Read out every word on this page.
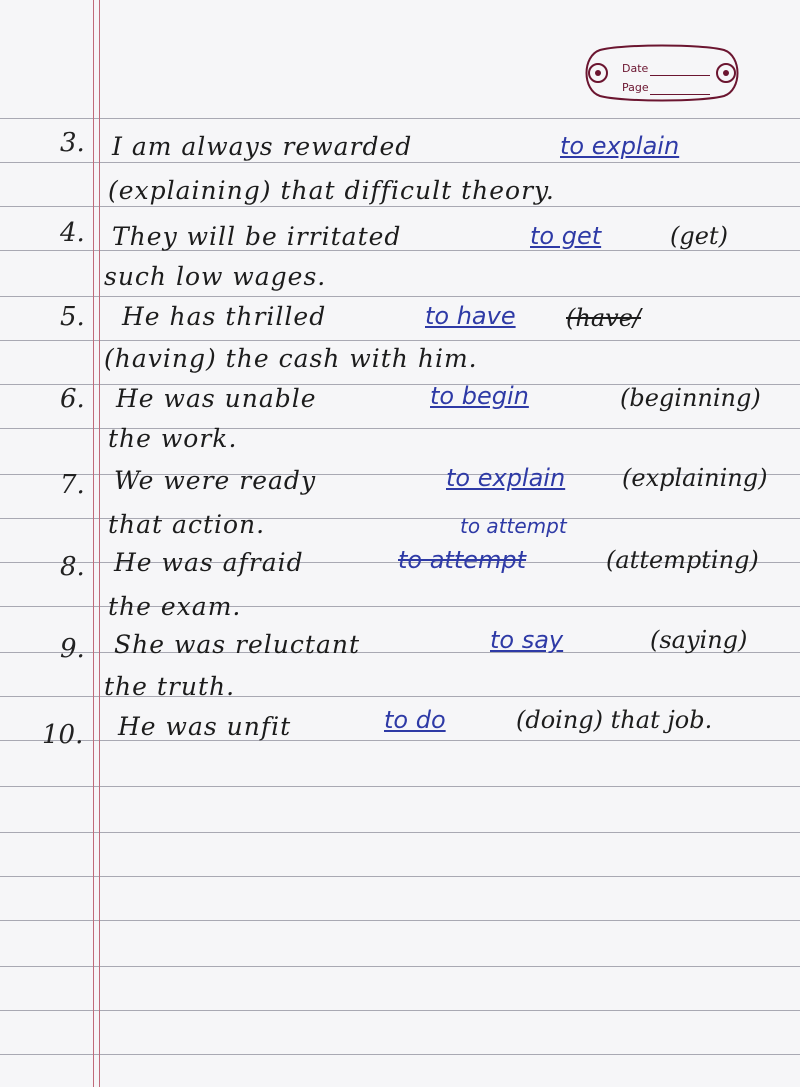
Date
Page
3. I am always rewarded	to explain
(explaining) that difficult theory.
4. They will be irritated	to get	(get)
such low wages.
5. He has thrilled	to have (have/
(having) the cash with him.
6. He was unable	to begin	(beginning)
the work.
7. We were ready	to explain (explaining)
that action.	to attempt
8. He was afraid	to attempt	(attempting)
the exam.
9. She was reluctant	to say	(saying)
the truth.
10. He was unfit	to do	(doing) that job.
